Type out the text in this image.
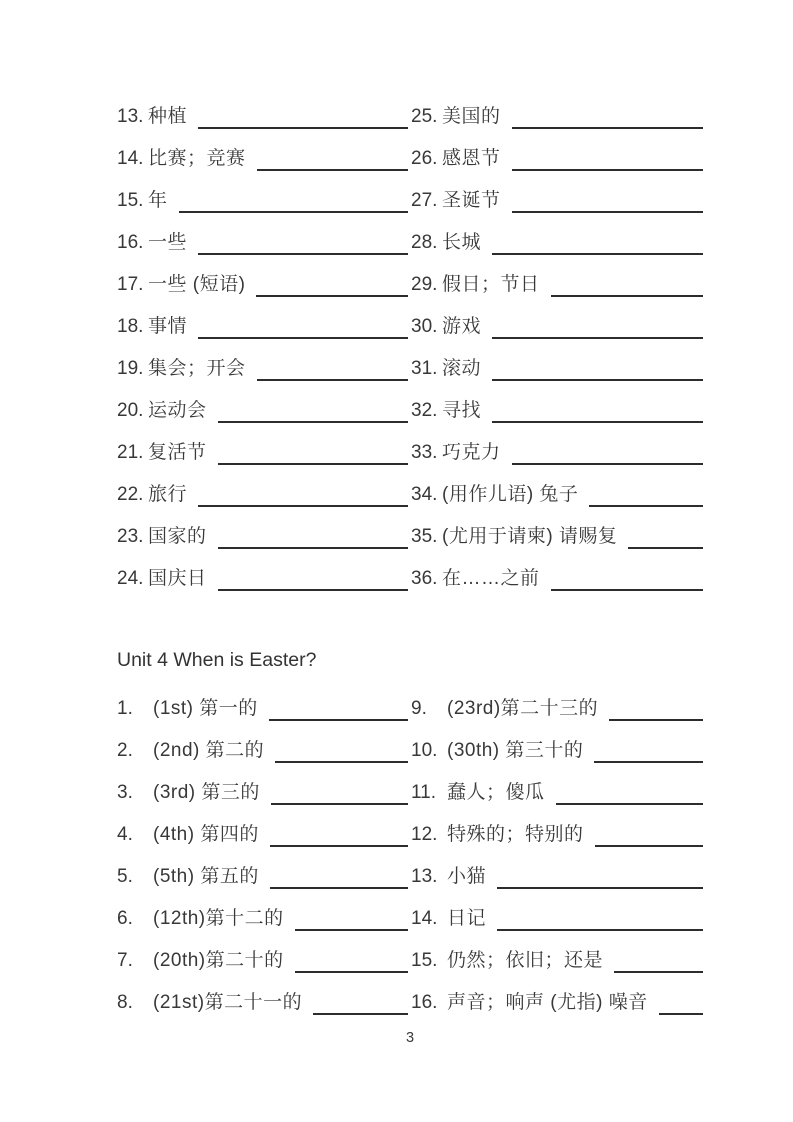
13. 种植
14. 比赛；竞赛
15. 年
16. 一些
17. 一些 (短语)
18. 事情
19. 集会；开会
20. 运动会
21. 复活节
22. 旅行
23. 国家的
24. 国庆日
25. 美国的
26. 感恩节
27. 圣诞节
28. 长城
29. 假日；节日
30. 游戏
31. 滚动
32. 寻找
33. 巧克力
34. (用作儿语) 兔子
35. (尤用于请柬) 请赐复
36. 在……之前
Unit 4 When is Easter?
1.	(1st) 第一的
2.	(2nd) 第二的
3.	(3rd) 第三的
4.	(4th) 第四的
5.	(5th) 第五的
6.	(12th)第十二的
7.	(20th)第二十的
8.	(21st)第二十一的
9.	(23rd)第二十三的
10. (30th) 第三十的
11. 蠢人；傻瓜
12. 特殊的；特别的
13. 小猫
14. 日记
15. 仍然；依旧；还是
16. 声音；响声 (尤指) 噪音
3
